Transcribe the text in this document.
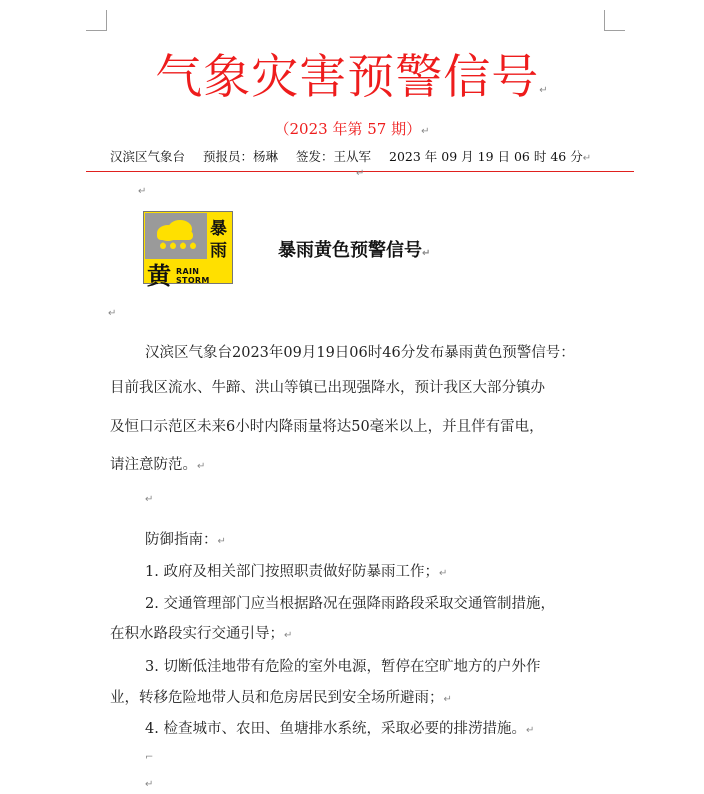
气象灾害预警信号↵
（2023 年第 57 期）↵
汉滨区气象台 预报员：杨琳 签发：王从军 2023 年 09 月 19 日 06 时 46 分↵
↵
↵
暴
雨
黄 RAIN STORM
暴雨黄色预警信号↵
↵
汉滨区气象台2023年09月19日06时46分发布暴雨黄色预警信号：
目前我区流水、牛蹄、洪山等镇已出现强降水，预计我区大部分镇办
及恒口示范区未来6小时内降雨量将达50毫米以上，并且伴有雷电，
请注意防范。↵
↵
防御指南：↵
1. 政府及相关部门按照职责做好防暴雨工作；↵
2. 交通管理部门应当根据路况在强降雨路段采取交通管制措施，
在积水路段实行交通引导；↵
3. 切断低洼地带有危险的室外电源，暂停在空旷地方的户外作
业，转移危险地带人员和危房居民到安全场所避雨；↵
4. 检查城市、农田、鱼塘排水系统，采取必要的排涝措施。↵
⌐
↵
